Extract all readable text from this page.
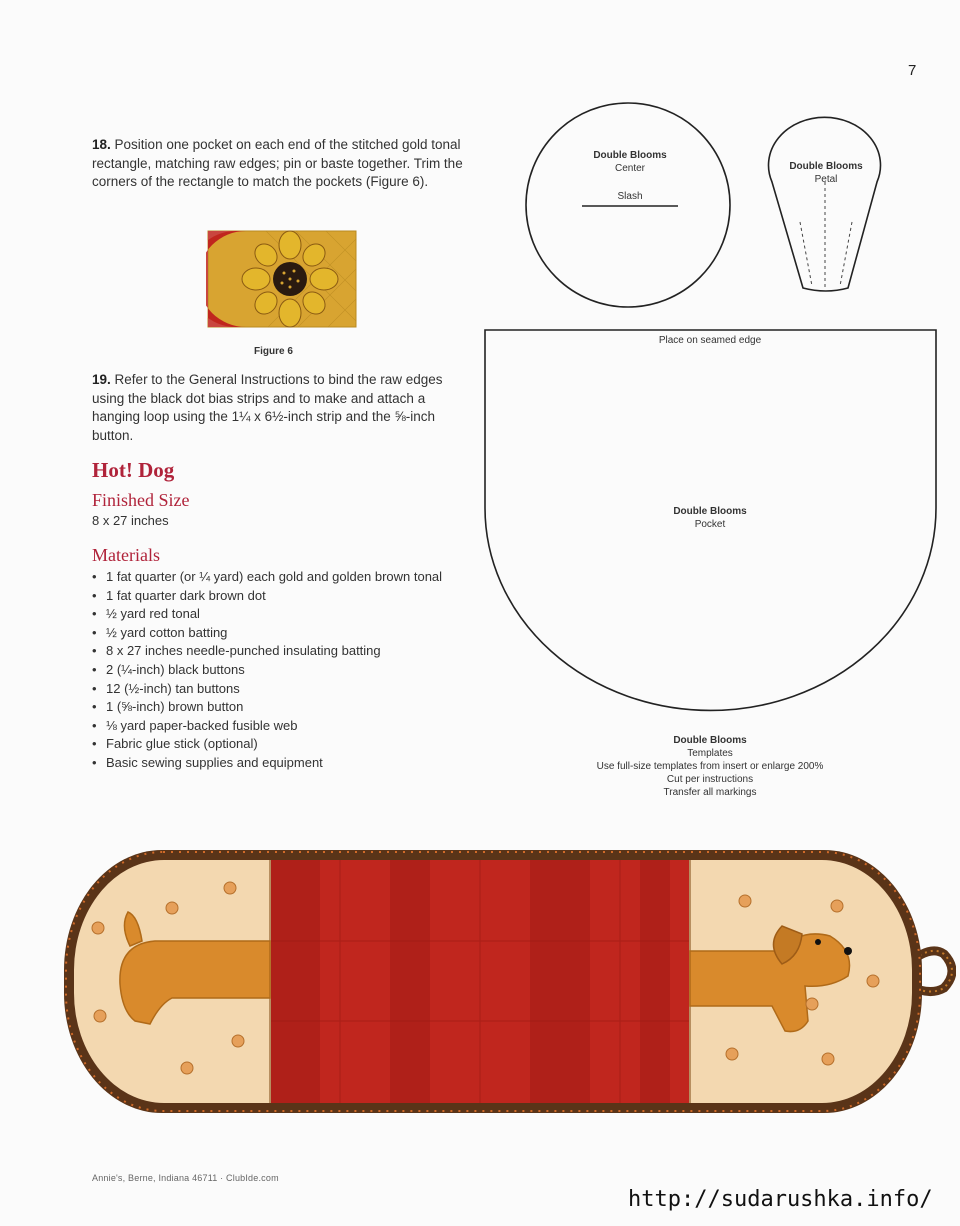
7
18. Position one pocket on each end of the stitched gold tonal rectangle, matching raw edges; pin or baste together. Trim the corners of the rectangle to match the pockets (Figure 6).
Figure 6
19. Refer to the General Instructions to bind the raw edges using the black dot bias strips and to make and attach a hanging loop using the 1¼ x 6½-inch strip and the ⅝-inch button.
Hot! Dog
Finished Size
8 x 27 inches
Materials
• 1 fat quarter (or ¼ yard) each gold and golden brown tonal
• 1 fat quarter dark brown dot
• ½ yard red tonal
• ½ yard cotton batting
• 8 x 27 inches needle-punched insulating batting
• 2 (¼-inch) black buttons
• 12 (½-inch) tan buttons
• 1 (⅝-inch) brown button
• ⅛ yard paper-backed fusible web
• Fabric glue stick (optional)
• Basic sewing supplies and equipment
Double Blooms
Center
Slash
Double Blooms
Petal
Place on seamed edge
Double Blooms
Pocket
Double Blooms
Templates
Use full-size templates from insert or enlarge 200%
Cut per instructions
Transfer all markings
Annie's, Berne, Indiana 46711 · ClubIde.com
http://sudarushka.info/
